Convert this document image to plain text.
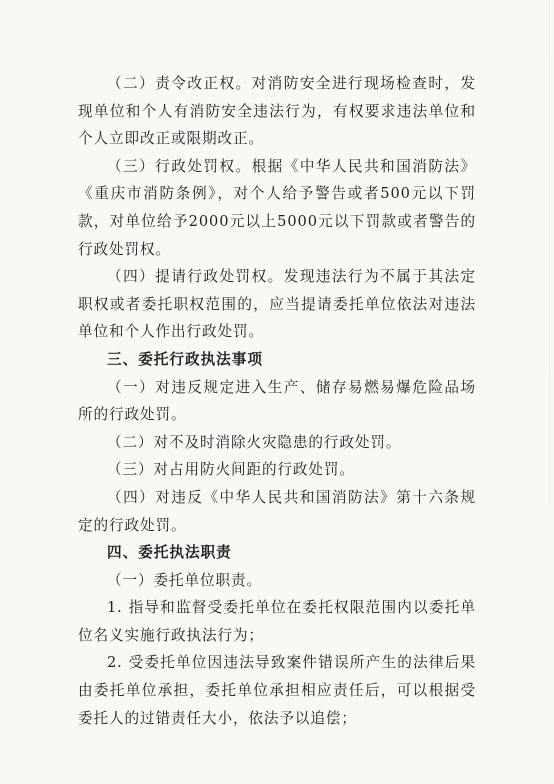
（二）责令改正权。对消防安全进行现场检查时，发现单位和个人有消防安全违法行为，有权要求违法单位和个人立即改正或限期改正。

（三）行政处罚权。根据《中华人民共和国消防法》《重庆市消防条例》，对个人给予警告或者500元以下罚款，对单位给予2000元以上5000元以下罚款或者警告的行政处罚权。

（四）提请行政处罚权。发现违法行为不属于其法定职权或者委托职权范围的，应当提请委托单位依法对违法单位和个人作出行政处罚。

三、委托行政执法事项

（一）对违反规定进入生产、储存易燃易爆危险品场所的行政处罚。

（二）对不及时消除火灾隐患的行政处罚。

（三）对占用防火间距的行政处罚。

（四）对违反《中华人民共和国消防法》第十六条规定的行政处罚。

四、委托执法职责

（一）委托单位职责。

1. 指导和监督受委托单位在委托权限范围内以委托单位名义实施行政执法行为；

2. 受委托单位因违法导致案件错误所产生的法律后果由委托单位承担，委托单位承担相应责任后，可以根据受委托人的过错责任大小，依法予以追偿；
